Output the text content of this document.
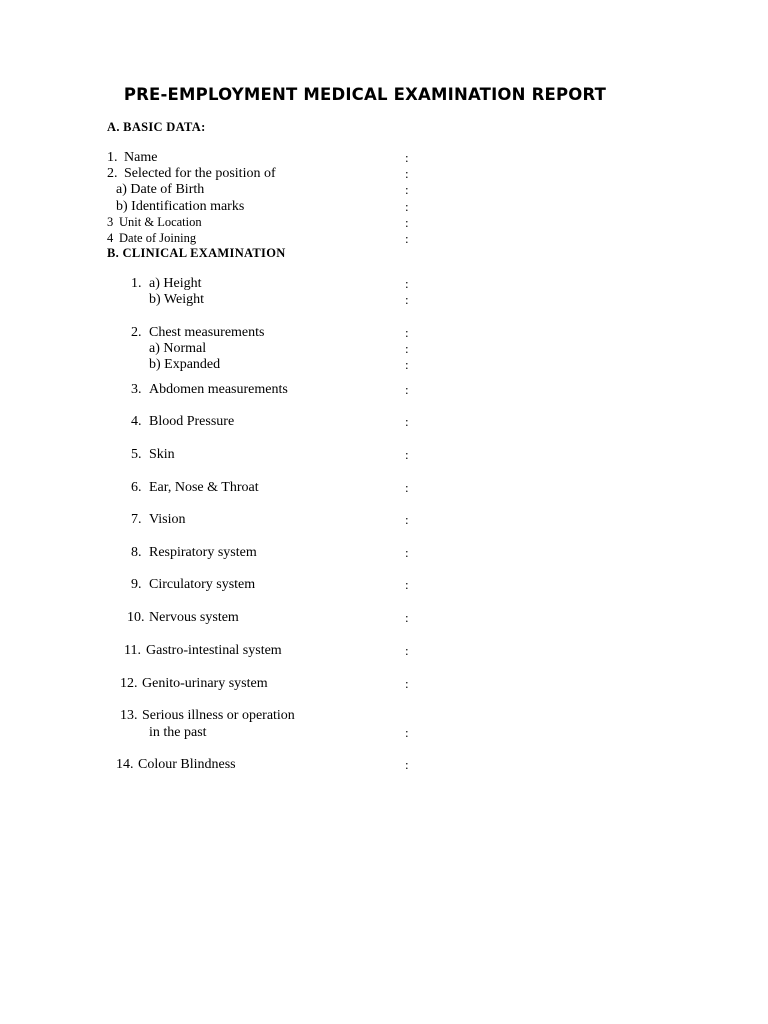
PRE-EMPLOYMENT MEDICAL EXAMINATION REPORT
A. BASIC DATA:
1. Name	:
2. Selected for the position of	:
a) Date of Birth	:
b) Identification marks	:
3 Unit & Location	:
4 Date of Joining	:
B. CLINICAL EXAMINATION
1. a) Height	:
b) Weight	:
2. Chest measurements	:
a) Normal	:
b) Expanded	:
3. Abdomen measurements	:
4. Blood Pressure	:
5. Skin	:
6. Ear, Nose & Throat	:
7. Vision	:
8. Respiratory system	:
9. Circulatory system	:
10. Nervous system	:
11. Gastro-intestinal system	:
12. Genito-urinary system	:
13. Serious illness or operation
in the past	:
14. Colour Blindness	:
